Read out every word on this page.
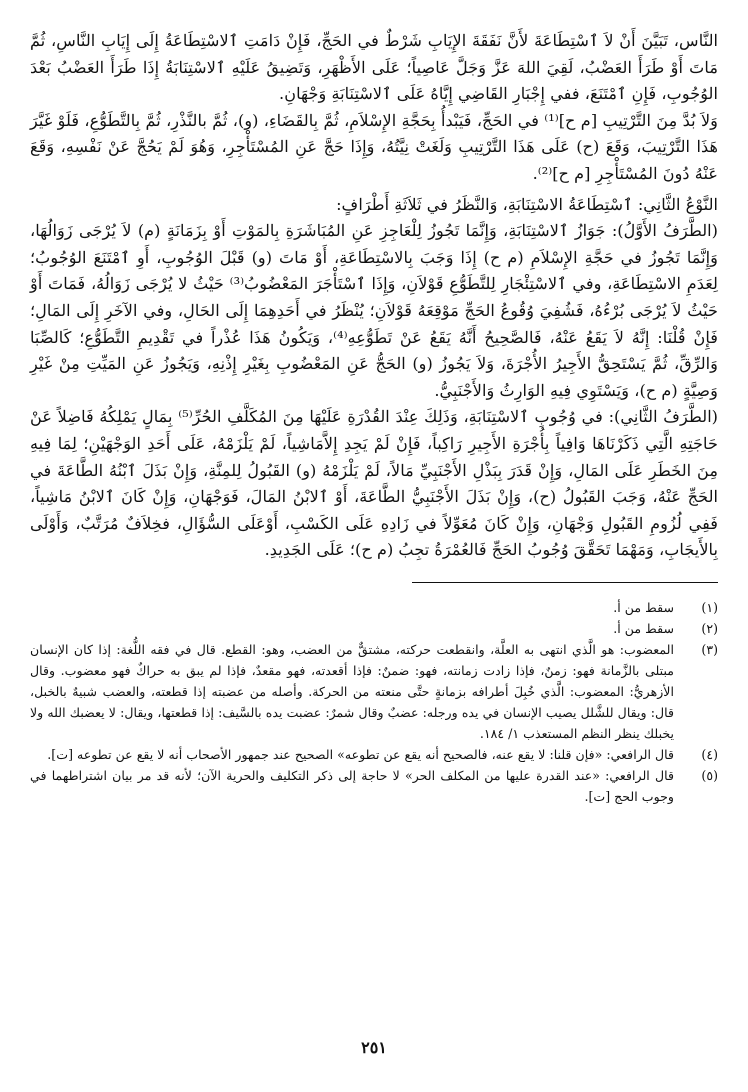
النَّاس، تَبَيَّنَ أَنْ لاَ ٱسْتِطَاعَةَ لأَنَّ نَفَقَةَ الإِيَابِ شَرْطٌ في الحَجِّ، فَإِنْ دَامَتِ ٱلاسْتِطَاعَةُ إِلَى إِيَابِ النَّاسِ، ثُمَّ مَاتَ أَوْ طَرَأَ العَضْبُ، لَقِيَ اللهَ عَزَّ وَجَلَّ عَاصِياً؛ عَلَى الأَظْهَرِ، وَتَضِيقُ عَلَيْهِ ٱلاسْتِنَابَةُ إِذَا طَرَأَ العَضْبُ بَعْدَ الوُجُوبِ، فَإِنِ ٱمْتَنَعَ، ففي إِجْبَارِ القَاضِي إِيَّاهُ عَلَى ٱلاسْتِنَابَةِ وَجْهَانِ.

وَلاَ بُدَّ مِنَ التَّرْتِيبِ [م ح]⁽¹⁾ في الحَجِّ، فَيَبْدأُ بِحَجَّةِ الإِسْلاَمِ، ثُمَّ بِالقَضَاءِ، (و)، ثُمَّ بالنَّذْرِ، ثُمَّ بِالتَّطَوُّعِ، فَلَوْ غَيَّرَ هَذَا التَّرْتِيبَ، وَقَعَ (ح) عَلَى هَذَا التَّرْتِيبِ وَلَغَتْ نِيَّتُهُ، وَإِذَا حَجَّ عَنِ المُسْتَأْجِرِ، وَهُوَ لَمْ يَحُجَّ عَنْ نَفْسِهِ، وَقَعَ عَنْهُ دُونَ المُسْتَأْجِرِ [م ح]⁽²⁾.

النَّوْعُ الثَّانِي: ٱسْتِطَاعَةُ الاسْتِنَابَةِ، وَالنَّظَرُ في ثَلاَثَةِ أَطْرَافٍ:

(الطَّرَفُ الأَوَّلُ): جَوَازُ ٱلاسْتِنَابَةِ، وَإِنَّمَا تَجُوزُ لِلْعَاجِزِ عَنِ المُبَاشَرَةِ بِالمَوْتِ أَوْ بِزَمَانَةٍ (م) لاَ يُرْجَى زَوَالُهَا، وَإِنَّمَا تَجُوزُ في حَجَّةِ الإِسْلاَمِ (م ح) إِذَا وَجَبَ بِالاسْتِطَاعَةِ، أَوْ مَاتَ (و) قَبْلَ الوُجُوبِ، أَوِ ٱمْتَنَعَ الوُجُوبُ؛ لِعَدَمِ الاسْتِطَاعَةِ، وفي ٱلاسْتِئْجَارِ لِلتَّطَوُّعِ قَوْلاَنِ، وَإِذَا ٱسْتَأْجَرَ المَعْضُوبُ⁽³⁾ حَيْثُ لا يُرْجَى زَوَالُهُ، فَمَاتَ أَوْ حَيْثُ لاَ يُرْجَى بُرْءُهُ، فَشُفِيَ وُقُوعُ الحَجِّ مَوْقِعَهُ قَوْلاَنِ؛ يُنْظَرُ في أَحَدِهِمَا إِلَى الحَالِ، وفي الآخَرِ إِلَى المَالِ؛ فَإِنْ قُلْنَا: إِنَّهُ لاَ يَقَعُ عَنْهُ، فَالصَّحِيحُ أَنَّهُ يَقَعُ عَنْ تَطَوُّعِهِ⁽⁴⁾، وَيَكُونُ هَذَا عُذْراً في تَقْدِيمِ التَّطَوُّعِ؛ كَالصِّبَا وَالرِّقِّ، ثُمَّ يَسْتَحِقُّ الأَجِيرُ الأُجْرَةَ، وَلاَ يَجُوزُ (و) الحَجُّ عَنِ المَعْضُوبِ بِغَيْرِ إِذْنِهِ، وَيَجُوزُ عَنِ المَيِّتِ مِنْ غَيْرِ وَصِيَّةٍ (م ح)، وَيَسْتَوِي فِيهِ الوَارِثُ وَالأَجْنَبِيُّ.

(الطَّرَفُ الثَّانِي): في وُجُوبِ ٱلاسْتِنَابَةِ، وَذَلِكَ عِنْدَ القُدْرَةِ عَلَيْهَا مِنَ المُكَلَّفِ الحُرِّ⁽⁵⁾ بِمَالٍ يَمْلِكُهُ فَاضِلاً عَنْ حَاجَتِهِ الَّتِي ذَكَرْنَاهَا وَافِياً بِأُجْرَةِ الأَجِيرِ رَاكِباً، فَإِنْ لَمْ يَجِدِ إِلاَّمَاشِياً، لَمْ يَلْزَمْهُ، عَلَى أَحَدِ الوَجْهَيْنِ؛ لِمَا فِيهِ مِنَ الخَطَرِ عَلَى المَالِ، وَإِنْ قَدَرَ بِبَذْلِ الأَجْنَبِيِّ مَالاً، لَمْ يَلْزَمْهُ (و) القَبُولُ لِلمِنَّةِ، وَإِنْ بَذَلَ ٱبْنُهُ الطَّاعَةَ في الحَجِّ عَنْهُ، وَجَبَ القَبُولُ (ح)، وَإِنْ بَذَلَ الأَجْنَبِيُّ الطَّاعَةَ، أَوْ ٱلابْنُ المَالَ، فَوَجْهَانِ، وَإِنْ كَانَ ٱلابْنُ مَاشِياً، فَفِي لُزُومِ القَبُولِ وَجْهَانِ، وَإِنْ كَانَ مُعَوِّلاً في زَادِهِ عَلَى الكَسْبِ، أَوْعَلَى السُّؤَالِ، فخِلاَفٌ مُرَتَّبٌ، وَأَوْلَى بِالأَيجَابِ، وَمَهْمَا تَحَقَّقَ وُجُوبُ الحَجِّ فَالعُمْرَةُ تجِبُ (م ح)؛ عَلَى الجَدِيدِ.

(١)
سقط من أ.
(٢)
سقط من أ.
(٣)
المعضوب: هو الَّذي انتهى به العلَّة، وانقطعت حركته، مشتقٌّ من العضب، وهو: القطع. قال في فقه اللُّغة: إذا كان الإنسان مبتلى بالزَّمانة فهو: زمنٌ، فإذا زادت زمانته، فهو: ضمنٌ: فإذا أقعدته، فهو مقعدٌ، فإذا لم يبق به حراكٌ فهو معضوب. وقال الأزهريُّ: المعضوب: الَّذي خُبِلَ أطرافه بزمانةٍ حتَّى منعته من الحركة. وأصله من عضبته إذا قطعته، والعضب شبيهٌ بالخبل، قال: ويقال للشَّلل يصيب الإنسان في يده ورجله: عضبٌ وقال شمرٌ: عضبت يده بالسَّيف: إذا قطعتها، ويقال: لا يعضبك الله ولا يخبلك ينظر النظم المستعذب ١/ ١٨٤.
(٤)
قال الرافعي: «فإن قلنا: لا يقع عنه، فالصحيح أنه يقع عن تطوعه» الصحيح عند جمهور الأصحاب أنه لا يقع عن تطوعه [ت].
(٥)
قال الرافعي: «عند القدرة عليها من المكلف الحر» لا حاجة إلى ذكر التكليف والحرية الآن؛ لأنه قد مر بيان اشتراطهما في وجوب الحج [ت].
٢٥١
